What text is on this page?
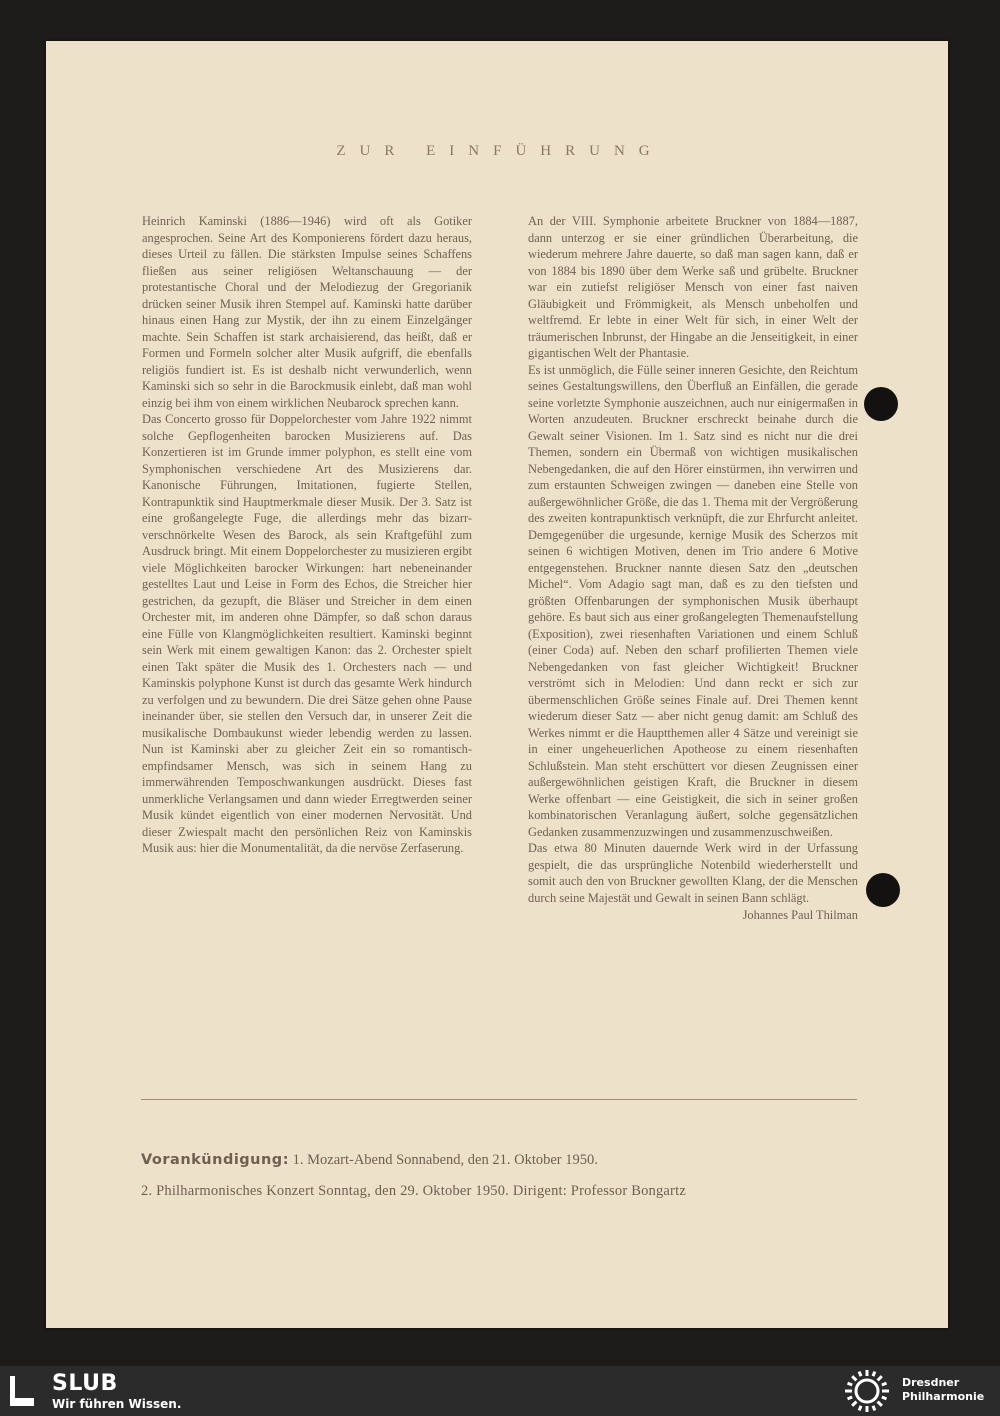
ZUR EINFÜHRUNG

Heinrich Kaminski (1886—1946) wird oft als Gotiker angesprochen. Seine Art des Komponierens fördert dazu heraus, dieses Urteil zu fällen. Die stärksten Impulse seines Schaffens fließen aus seiner religiösen Weltanschauung — der protestantische Choral und der Melodiezug der Gregorianik drücken seiner Musik ihren Stempel auf. Kaminski hatte darüber hinaus einen Hang zur Mystik, der ihn zu einem Einzelgänger machte. Sein Schaffen ist stark archaisierend, das heißt, daß er Formen und Formeln solcher alter Musik aufgriff, die ebenfalls religiös fundiert ist. Es ist deshalb nicht verwunderlich, wenn Kaminski sich so sehr in die Barockmusik einlebt, daß man wohl einzig bei ihm von einem wirklichen Neubarock sprechen kann.

Das Concerto grosso für Doppelorchester vom Jahre 1922 nimmt solche Gepflogenheiten barocken Musizierens auf. Das Konzertieren ist im Grunde immer polyphon, es stellt eine vom Symphonischen verschiedene Art des Musizierens dar. Kanonische Führungen, Imitationen, fugierte Stellen, Kontrapunktik sind Hauptmerkmale dieser Musik. Der 3. Satz ist eine großangelegte Fuge, die allerdings mehr das bizarr-verschnörkelte Wesen des Barock, als sein Kraftgefühl zum Ausdruck bringt. Mit einem Doppelorchester zu musizieren ergibt viele Möglichkeiten barocker Wirkungen: hart nebeneinander gestelltes Laut und Leise in Form des Echos, die Streicher hier gestrichen, da gezupft, die Bläser und Streicher in dem einen Orchester mit, im anderen ohne Dämpfer, so daß schon daraus eine Fülle von Klangmöglichkeiten resultiert. Kaminski beginnt sein Werk mit einem gewaltigen Kanon: das 2. Orchester spielt einen Takt später die Musik des 1. Orchesters nach — und Kaminskis polyphone Kunst ist durch das gesamte Werk hindurch zu verfolgen und zu bewundern. Die drei Sätze gehen ohne Pause ineinander über, sie stellen den Versuch dar, in unserer Zeit die musikalische Dombaukunst wieder lebendig werden zu lassen. Nun ist Kaminski aber zu gleicher Zeit ein so romantisch-empfindsamer Mensch, was sich in seinem Hang zu immerwährenden Temposchwankungen ausdrückt. Dieses fast unmerkliche Verlangsamen und dann wieder Erregtwerden seiner Musik kündet eigentlich von einer modernen Nervosität. Und dieser Zwiespalt macht den persönlichen Reiz von Kaminskis Musik aus: hier die Monumentalität, da die nervöse Zerfaserung.

An der VIII. Symphonie arbeitete Bruckner von 1884—1887, dann unterzog er sie einer gründlichen Überarbeitung, die wiederum mehrere Jahre dauerte, so daß man sagen kann, daß er von 1884 bis 1890 über dem Werke saß und grübelte. Bruckner war ein zutiefst religiöser Mensch von einer fast naiven Gläubigkeit und Frömmigkeit, als Mensch unbeholfen und weltfremd. Er lebte in einer Welt für sich, in einer Welt der träumerischen Inbrunst, der Hingabe an die Jenseitigkeit, in einer gigantischen Welt der Phantasie.

Es ist unmöglich, die Fülle seiner inneren Gesichte, den Reichtum seines Gestaltungswillens, den Überfluß an Einfällen, die gerade seine vorletzte Symphonie auszeichnen, auch nur einigermaßen in Worten anzudeuten. Bruckner erschreckt beinahe durch die Gewalt seiner Visionen. Im 1. Satz sind es nicht nur die drei Themen, sondern ein Übermaß von wichtigen musikalischen Nebengedanken, die auf den Hörer einstürmen, ihn verwirren und zum erstaunten Schweigen zwingen — daneben eine Stelle von außergewöhnlicher Größe, die das 1. Thema mit der Vergrößerung des zweiten kontrapunktisch verknüpft, die zur Ehrfurcht anleitet. Demgegenüber die urgesunde, kernige Musik des Scherzos mit seinen 6 wichtigen Motiven, denen im Trio andere 6 Motive entgegenstehen. Bruckner nannte diesen Satz den „deutschen Michel“. Vom Adagio sagt man, daß es zu den tiefsten und größten Offenbarungen der symphonischen Musik überhaupt gehöre. Es baut sich aus einer großangelegten Themenaufstellung (Exposition), zwei riesenhaften Variationen und einem Schluß (einer Coda) auf. Neben den scharf profilierten Themen viele Nebengedanken von fast gleicher Wichtigkeit! Bruckner verströmt sich in Melodien: Und dann reckt er sich zur übermenschlichen Größe seines Finale auf. Drei Themen kennt wiederum dieser Satz — aber nicht genug damit: am Schluß des Werkes nimmt er die Hauptthemen aller 4 Sätze und vereinigt sie in einer ungeheuerlichen Apotheose zu einem riesenhaften Schlußstein. Man steht erschüttert vor diesen Zeugnissen einer außergewöhnlichen geistigen Kraft, die Bruckner in diesem Werke offenbart — eine Geistigkeit, die sich in seiner großen kombinatorischen Veranlagung äußert, solche gegensätzlichen Gedanken zusammenzuzwingen und zusammenzuschweißen.

Das etwa 80 Minuten dauernde Werk wird in der Urfassung gespielt, die das ursprüngliche Notenbild wiederherstellt und somit auch den von Bruckner gewollten Klang, der die Menschen durch seine Majestät und Gewalt in seinen Bann schlägt.

Johannes Paul Thilman

Vorankündigung: 1. Mozart-Abend Sonnabend, den 21. Oktober 1950.
2. Philharmonisches Konzert Sonntag, den 29. Oktober 1950. Dirigent: Professor Bongartz
SLUB
Wir führen Wissen.
Dresdner
Philharmonie
